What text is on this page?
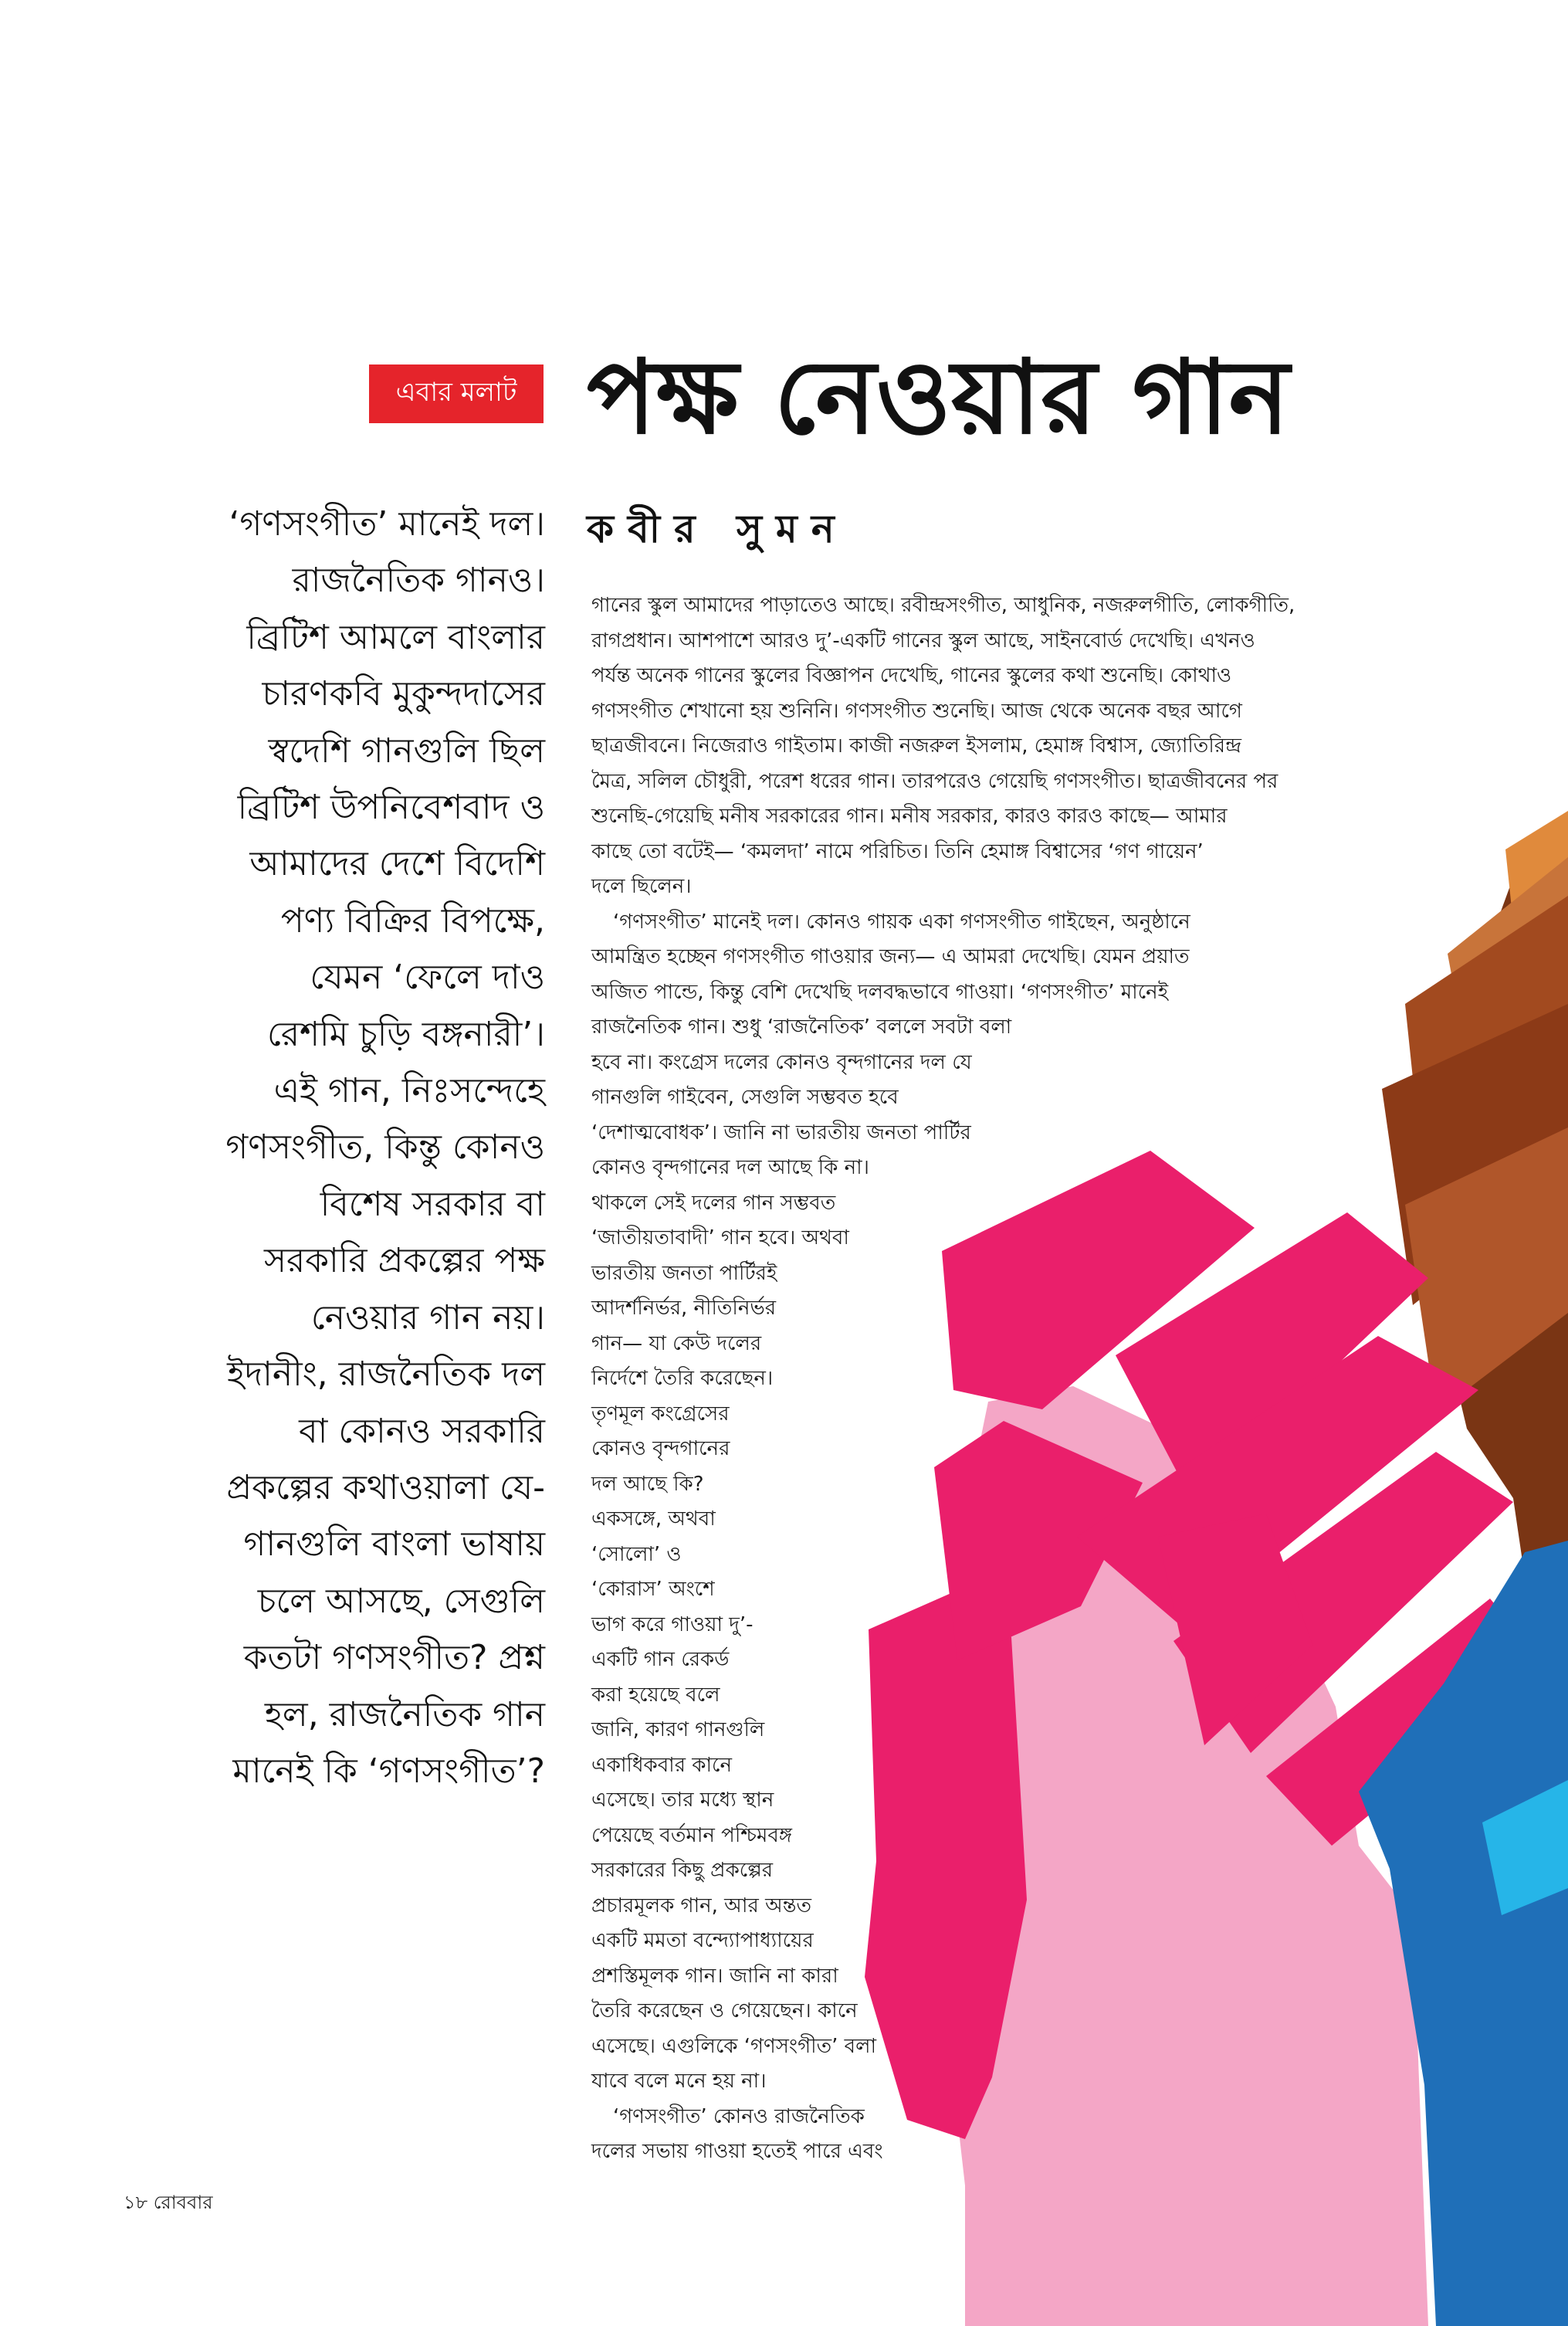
এবার মলাট পক্ষ নেওয়ার গান
কবীর সুমন
‘গণসংগীত’ মানেই দল।
রাজনৈতিক গানও।
ব্রিটিশ আমলে বাংলার
চারণকবি মুকুন্দদাসের
স্বদেশি গানগুলি ছিল
ব্রিটিশ উপনিবেশবাদ ও
আমাদের দেশে বিদেশি
পণ্য বিক্রির বিপক্ষে,
যেমন ‘ফেলে দাও
রেশমি চুড়ি বঙ্গনারী’।
এই গান, নিঃসন্দেহে
গণসংগীত, কিন্তু কোনও
বিশেষ সরকার বা
সরকারি প্রকল্পের পক্ষ
নেওয়ার গান নয়।
ইদানীং, রাজনৈতিক দল
বা কোনও সরকারি
প্রকল্পের কথাওয়ালা যে-
গানগুলি বাংলা ভাষায়
চলে আসছে, সেগুলি
কতটা গণসংগীত? প্রশ্ন
হল, রাজনৈতিক গান
মানেই কি ‘গণসংগীত’?
গানের স্কুল আমাদের পাড়াতেও আছে। রবীন্দ্রসংগীত, আধুনিক, নজরুলগীতি, লোকগীতি,
রাগপ্রধান। আশপাশে আরও দু’-একটি গানের স্কুল আছে, সাইনবোর্ড দেখেছি। এখনও
পর্যন্ত অনেক গানের স্কুলের বিজ্ঞাপন দেখেছি, গানের স্কুলের কথা শুনেছি। কোথাও
গণসংগীত শেখানো হয় শুনিনি। গণসংগীত শুনেছি। আজ থেকে অনেক বছর আগে
ছাত্রজীবনে। নিজেরাও গাইতাম। কাজী নজরুল ইসলাম, হেমাঙ্গ বিশ্বাস, জ্যোতিরিন্দ্র
মৈত্র, সলিল চৌধুরী, পরেশ ধরের গান। তারপরেও গেয়েছি গণসংগীত। ছাত্রজীবনের পর
শুনেছি-গেয়েছি মনীষ সরকারের গান। মনীষ সরকার, কারও কারও কাছে— আমার
কাছে তো বটেই— ‘কমলদা’ নামে পরিচিত। তিনি হেমাঙ্গ বিশ্বাসের ‘গণ গায়েন’
দলে ছিলেন।
‘গণসংগীত’ মানেই দল। কোনও গায়ক একা গণসংগীত গাইছেন, অনুষ্ঠানে
আমন্ত্রিত হচ্ছেন গণসংগীত গাওয়ার জন্য— এ আমরা দেখেছি। যেমন প্রয়াত
অজিত পান্ডে, কিন্তু বেশি দেখেছি দলবদ্ধভাবে গাওয়া। ‘গণসংগীত’ মানেই
রাজনৈতিক গান। শুধু ‘রাজনৈতিক’ বললে সবটা বলা
হবে না। কংগ্রেস দলের কোনও বৃন্দগানের দল যে
গানগুলি গাইবেন, সেগুলি সম্ভবত হবে
‘দেশাত্মবোধক’। জানি না ভারতীয় জনতা পার্টির
কোনও বৃন্দগানের দল আছে কি না।
থাকলে সেই দলের গান সম্ভবত
‘জাতীয়তাবাদী’ গান হবে। অথবা
ভারতীয় জনতা পার্টিরই
আদর্শনির্ভর, নীতিনির্ভর
গান— যা কেউ দলের
নির্দেশে তৈরি করেছেন।
তৃণমূল কংগ্রেসের
কোনও বৃন্দগানের
দল আছে কি?
একসঙ্গে, অথবা
‘সোলো’ ও
‘কোরাস’ অংশে
ভাগ করে গাওয়া দু’-
একটি গান রেকর্ড
করা হয়েছে বলে
জানি, কারণ গানগুলি
একাধিকবার কানে
এসেছে। তার মধ্যে স্থান
পেয়েছে বর্তমান পশ্চিমবঙ্গ
সরকারের কিছু প্রকল্পের
প্রচারমূলক গান, আর অন্তত
একটি মমতা বন্দ্যোপাধ্যায়ের
প্রশস্তিমূলক গান। জানি না কারা
তৈরি করেছেন ও গেয়েছেন। কানে
এসেছে। এগুলিকে ‘গণসংগীত’ বলা
যাবে বলে মনে হয় না।
‘গণসংগীত’ কোনও রাজনৈতিক
দলের সভায় গাওয়া হতেই পারে এবং
১৮ রোববার
